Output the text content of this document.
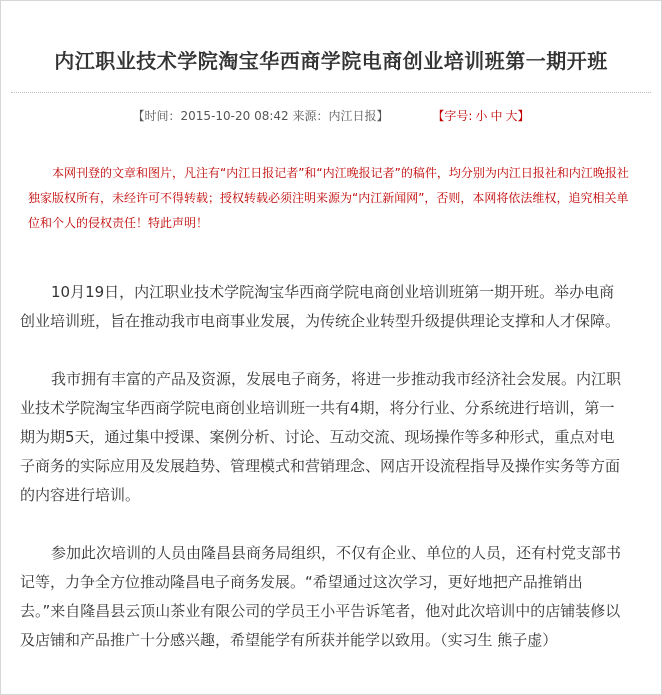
内江职业技术学院淘宝华西商学院电商创业培训班第一期开班
【时间：2015-10-20 08:42 来源：内江日报】	【字号: 小 中 大】
本网刊登的文章和图片，凡注有“内江日报记者”和“内江晚报记者”的稿件，均分别为内江日报社和内江晚报社独家版权所有，未经许可不得转载；授权转载必须注明来源为“内江新闻网”，否则，本网将依法维权，追究相关单位和个人的侵权责任！特此声明！

10月19日，内江职业技术学院淘宝华西商学院电商创业培训班第一期开班。举办电商创业培训班，旨在推动我市电商事业发展，为传统企业转型升级提供理论支撑和人才保障。

我市拥有丰富的产品及资源，发展电子商务，将进一步推动我市经济社会发展。内江职业技术学院淘宝华西商学院电商创业培训班一共有4期，将分行业、分系统进行培训，第一期为期5天，通过集中授课、案例分析、讨论、互动交流、现场操作等多种形式，重点对电子商务的实际应用及发展趋势、管理模式和营销理念、网店开设流程指导及操作实务等方面的内容进行培训。

参加此次培训的人员由隆昌县商务局组织，不仅有企业、单位的人员，还有村党支部书记等，力争全方位推动隆昌电子商务发展。“希望通过这次学习，更好地把产品推销出去。”来自隆昌县云顶山茶业有限公司的学员王小平告诉笔者，他对此次培训中的店铺装修以及店铺和产品推广十分感兴趣，希望能学有所获并能学以致用。（实习生 熊子虚）
